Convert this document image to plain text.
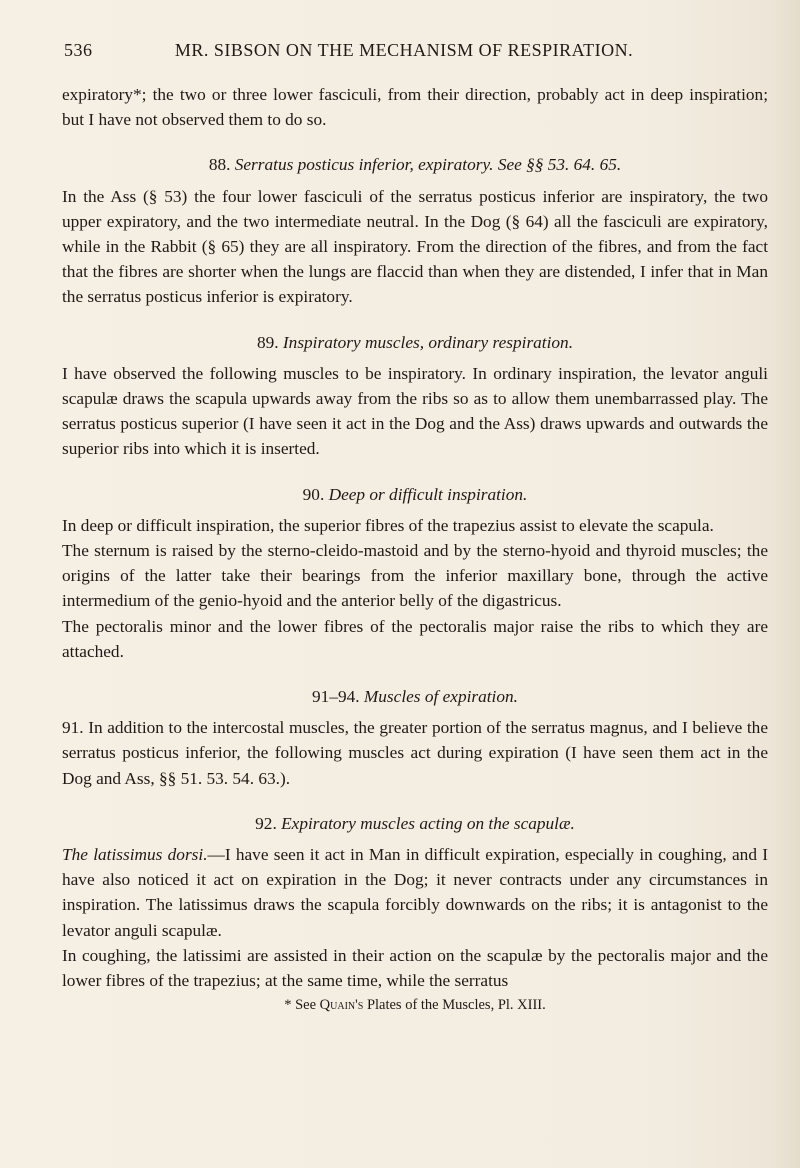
536	MR. SIBSON ON THE MECHANISM OF RESPIRATION.

expiratory*; the two or three lower fasciculi, from their direction, probably act in deep inspiration; but I have not observed them to do so.

88. Serratus posticus inferior, expiratory. See §§ 53. 64. 65.

In the Ass (§ 53) the four lower fasciculi of the serratus posticus inferior are inspiratory, the two upper expiratory, and the two intermediate neutral. In the Dog (§ 64) all the fasciculi are expiratory, while in the Rabbit (§ 65) they are all inspiratory. From the direction of the fibres, and from the fact that the fibres are shorter when the lungs are flaccid than when they are distended, I infer that in Man the serratus posticus inferior is expiratory.

89. Inspiratory muscles, ordinary respiration.

I have observed the following muscles to be inspiratory. In ordinary inspiration, the levator anguli scapulæ draws the scapula upwards away from the ribs so as to allow them unembarrassed play. The serratus posticus superior (I have seen it act in the Dog and the Ass) draws upwards and outwards the superior ribs into which it is inserted.

90. Deep or difficult inspiration.

In deep or difficult inspiration, the superior fibres of the trapezius assist to elevate the scapula.

The sternum is raised by the sterno-cleido-mastoid and by the sterno-hyoid and thyroid muscles; the origins of the latter take their bearings from the inferior maxillary bone, through the active intermedium of the genio-hyoid and the anterior belly of the digastricus.

The pectoralis minor and the lower fibres of the pectoralis major raise the ribs to which they are attached.

91–94. Muscles of expiration.

91. In addition to the intercostal muscles, the greater portion of the serratus magnus, and I believe the serratus posticus inferior, the following muscles act during expiration (I have seen them act in the Dog and Ass, §§ 51. 53. 54. 63.).

92. Expiratory muscles acting on the scapulæ.

The latissimus dorsi.—I have seen it act in Man in difficult expiration, especially in coughing, and I have also noticed it act on expiration in the Dog; it never contracts under any circumstances in inspiration. The latissimus draws the scapula forcibly downwards on the ribs; it is antagonist to the levator anguli scapulæ.

In coughing, the latissimi are assisted in their action on the scapulæ by the pectoralis major and the lower fibres of the trapezius; at the same time, while the serratus

* See Quain's Plates of the Muscles, Pl. XIII.
